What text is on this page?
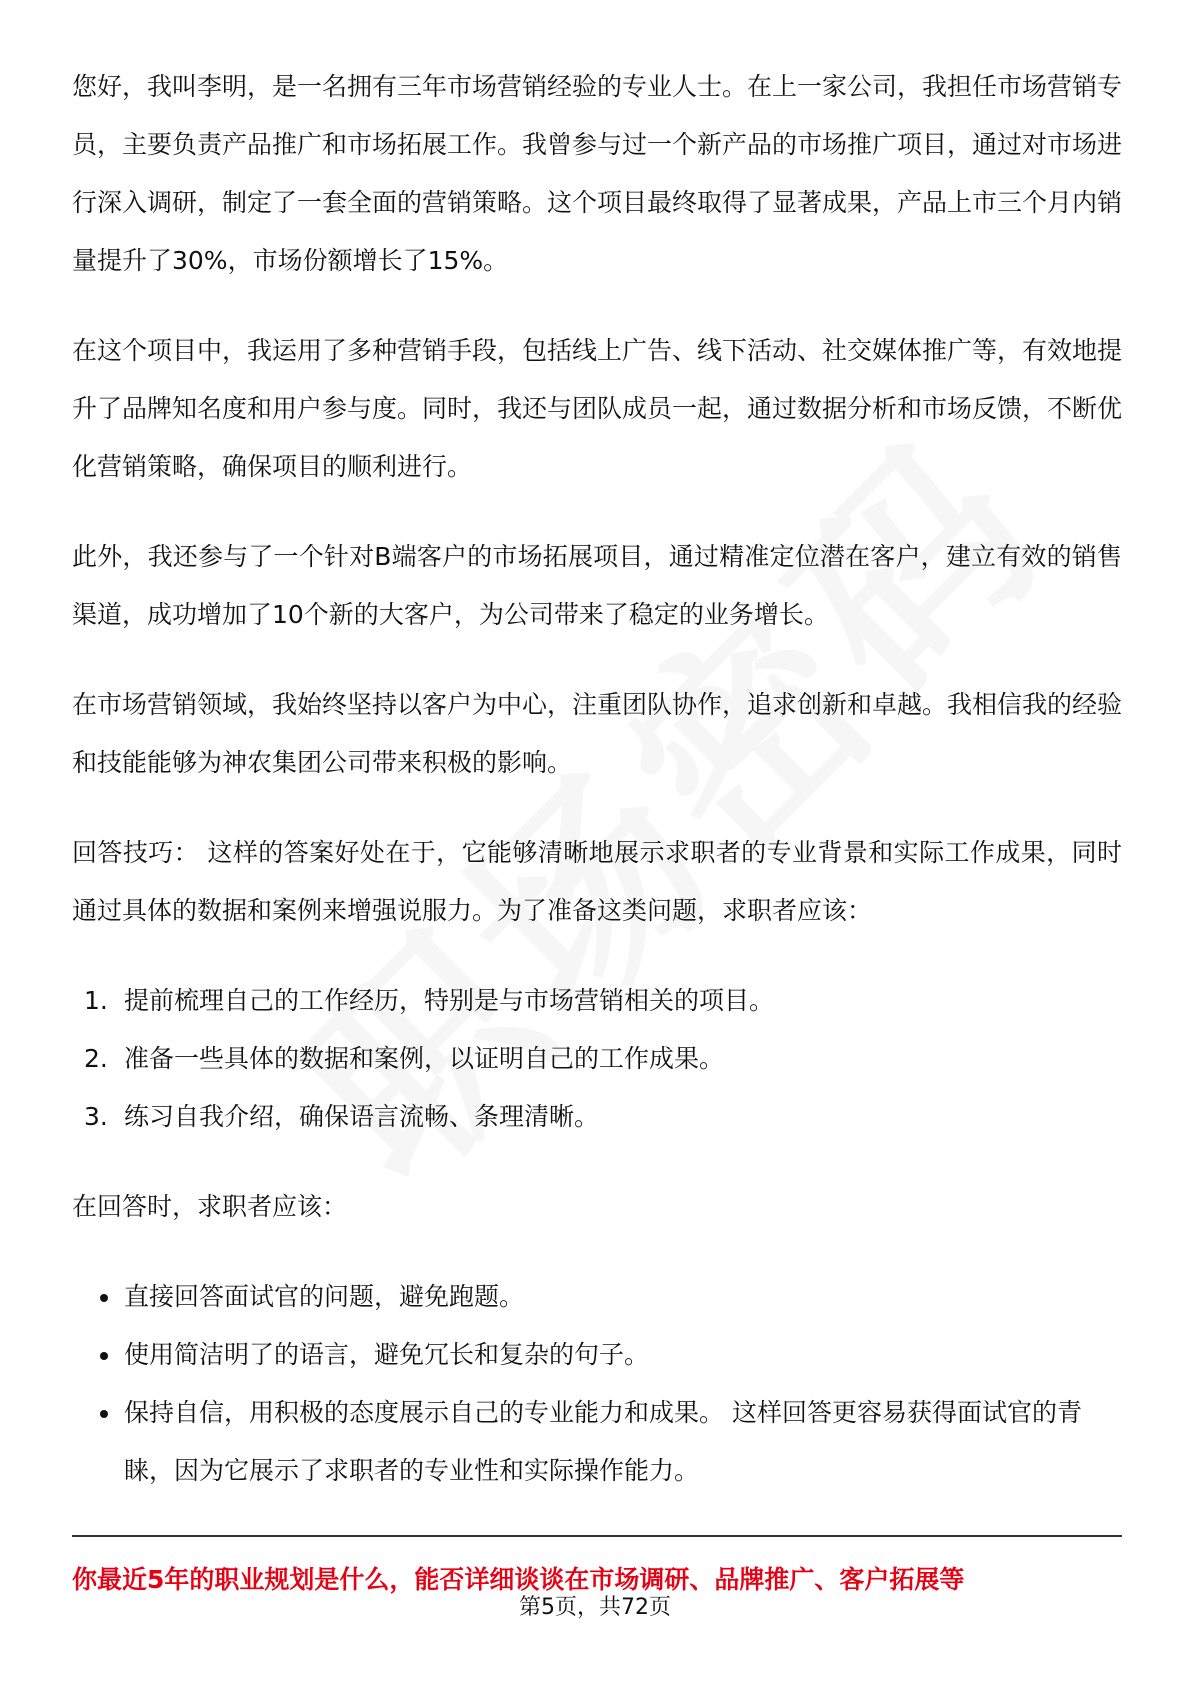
您好，我叫李明，是一名拥有三年市场营销经验的专业人士。在上一家公司，我担任市场营销专员，主要负责产品推广和市场拓展工作。我曾参与过一个新产品的市场推广项目，通过对市场进行深入调研，制定了一套全面的营销策略。这个项目最终取得了显著成果，产品上市三个月内销量提升了30%，市场份额增长了15%。

在这个项目中，我运用了多种营销手段，包括线上广告、线下活动、社交媒体推广等，有效地提升了品牌知名度和用户参与度。同时，我还与团队成员一起，通过数据分析和市场反馈，不断优化营销策略，确保项目的顺利进行。

此外，我还参与了一个针对B端客户的市场拓展项目，通过精准定位潜在客户，建立有效的销售渠道，成功增加了10个新的大客户，为公司带来了稳定的业务增长。

在市场营销领域，我始终坚持以客户为中心，注重团队协作，追求创新和卓越。我相信我的经验和技能能够为神农集团公司带来积极的影响。

回答技巧： 这样的答案好处在于，它能够清晰地展示求职者的专业背景和实际工作成果，同时通过具体的数据和案例来增强说服力。为了准备这类问题，求职者应该：

1. 提前梳理自己的工作经历，特别是与市场营销相关的项目。
2. 准备一些具体的数据和案例，以证明自己的工作成果。
3. 练习自我介绍，确保语言流畅、条理清晰。

在回答时，求职者应该：

直接回答面试官的问题，避免跑题。
使用简洁明了的语言，避免冗长和复杂的句子。
保持自信，用积极的态度展示自己的专业能力和成果。 这样回答更容易获得面试官的青睐，因为它展示了求职者的专业性和实际操作能力。
你最近5年的职业规划是什么，能否详细谈谈在市场调研、品牌推广、客户拓展等
第5页，共72页
